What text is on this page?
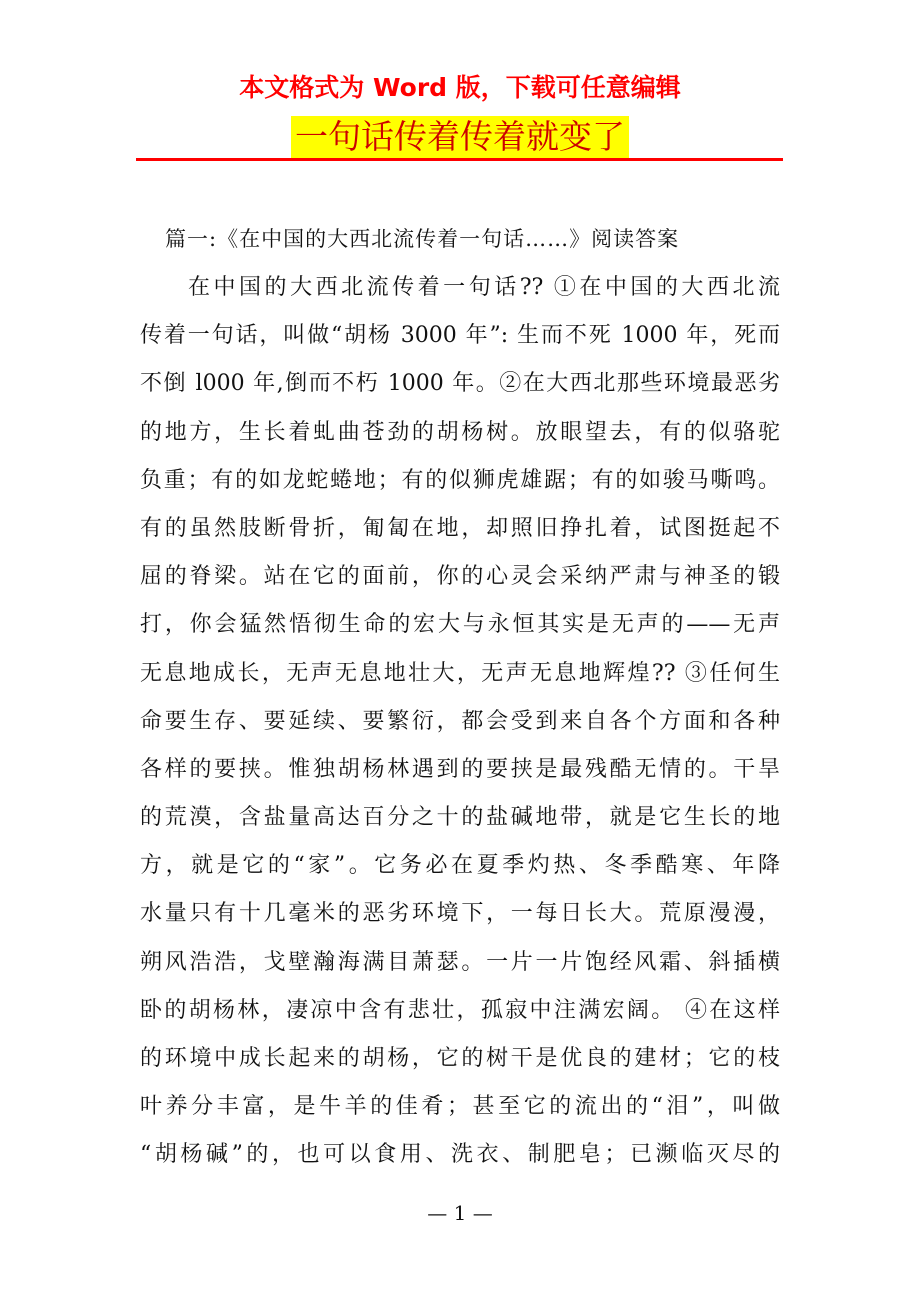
本文格式为 Word 版，下载可任意编辑
一句话传着传着就变了
篇一:《在中国的大西北流传着一句话……》阅读答案
在中国的大西北流传着一句话?? ①在中国的大西北流
传着一句话，叫做“胡杨 3000 年”: 生而不死 1000 年，死而
不倒 l000 年,倒而不朽 1000 年。②在大西北那些环境最恶劣
的地方，生长着虬曲苍劲的胡杨树。放眼望去，有的似骆驼
负重；有的如龙蛇蜷地；有的似狮虎雄踞；有的如骏马嘶鸣。
有的虽然肢断骨折，匍匐在地，却照旧挣扎着，试图挺起不
屈的脊梁。站在它的面前，你的心灵会采纳严肃与神圣的锻
打，你会猛然悟彻生命的宏大与永恒其实是无声的——无声
无息地成长，无声无息地壮大，无声无息地辉煌?? ③任何生
命要生存、要延续、要繁衍，都会受到来自各个方面和各种
各样的要挟。惟独胡杨林遇到的要挟是最残酷无情的。干旱
的荒漠，含盐量高达百分之十的盐碱地带，就是它生长的地
方，就是它的“家”。它务必在夏季灼热、冬季酷寒、年降
水量只有十几毫米的恶劣环境下，一每日长大。荒原漫漫，
朔风浩浩，戈壁瀚海满目萧瑟。一片一片饱经风霜、斜插横
卧的胡杨林，凄凉中含有悲壮，孤寂中注满宏阔。 ④在这样
的环境中成长起来的胡杨，它的树干是优良的建材；它的枝
叶养分丰富，是牛羊的佳肴；甚至它的流出的“泪”，叫做
“胡杨碱”的，也可以食用、洗衣、制肥皂；已濒临灭尽的
— 1 —
